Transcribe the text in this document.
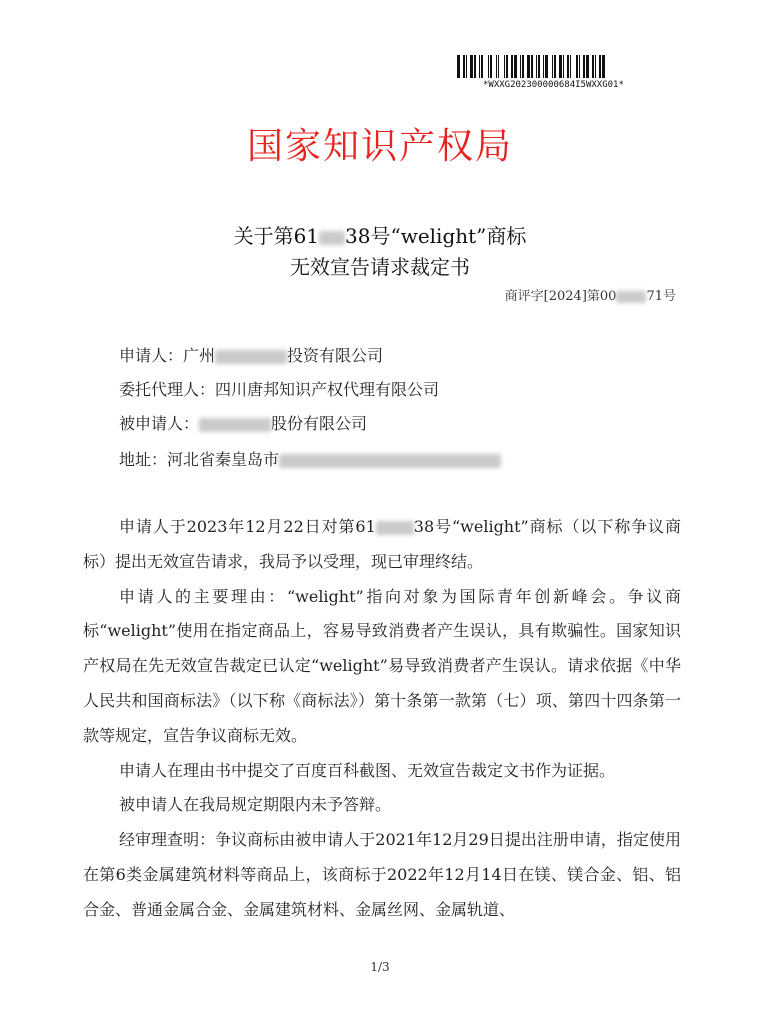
*WXXG202300000684I5WXXG01*
国家知识产权局
关于第61 38号“welight”商标
无效宣告请求裁定书
商评字[2024]第00 71号
申请人：广州	投资有限公司
委托代理人：四川唐邦知识产权代理有限公司
被申请人：	股份有限公司
地址：河北省秦皇岛市

申请人于2023年12月22日对第61 38号“welight”商标（以下称争议商标）提出无效宣告请求，我局予以受理，现已审理终结。

申请人的主要理由：“welight”指向对象为国际青年创新峰会。争议商标“welight”使用在指定商品上，容易导致消费者产生误认，具有欺骗性。国家知识产权局在先无效宣告裁定已认定“welight”易导致消费者产生误认。请求依据《中华人民共和国商标法》（以下称《商标法》）第十条第一款第（七）项、第四十四条第一款等规定，宣告争议商标无效。

申请人在理由书中提交了百度百科截图、无效宣告裁定文书作为证据。

被申请人在我局规定期限内未予答辩。

经审理查明：争议商标由被申请人于2021年12月29日提出注册申请，指定使用在第6类金属建筑材料等商品上，该商标于2022年12月14日在镁、镁合金、铝、铝合金、普通金属合金、金属建筑材料、金属丝网、金属轨道、

1/3
